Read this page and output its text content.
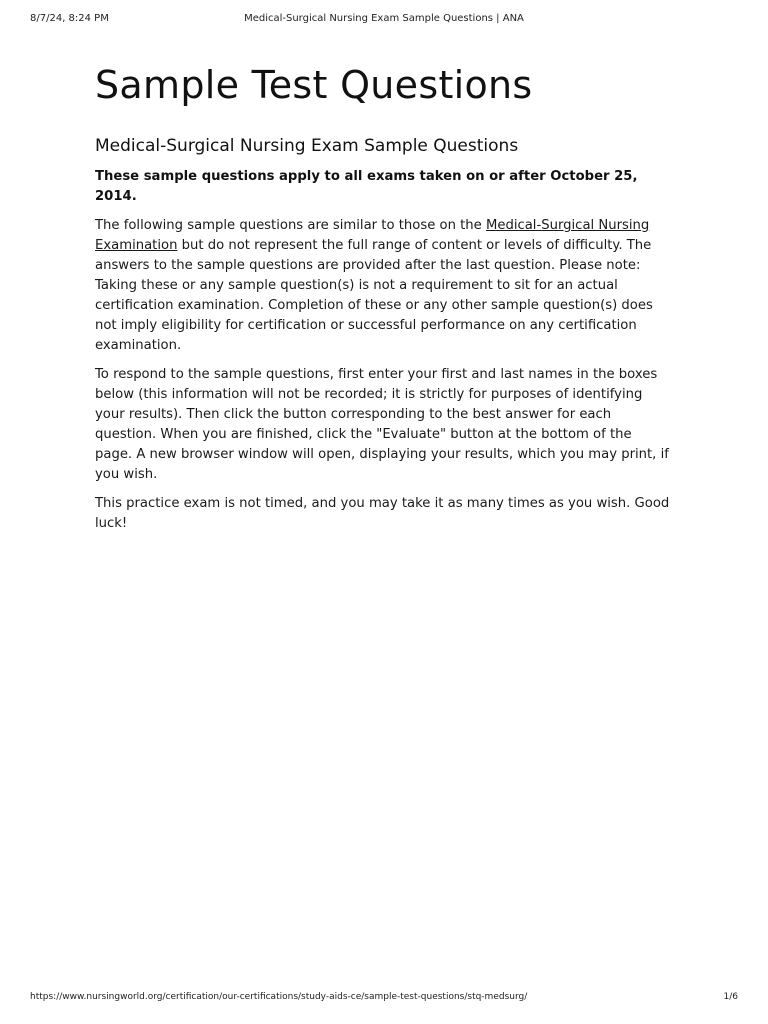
8/7/24, 8:24 PM	Medical-Surgical Nursing Exam Sample Questions | ANA
Sample Test Questions
Medical-Surgical Nursing Exam Sample Questions

These sample questions apply to all exams taken on or after October 25, 2014.

The following sample questions are similar to those on the Medical-Surgical Nursing Examination but do not represent the full range of content or levels of difficulty. The answers to the sample questions are provided after the last question. Please note: Taking these or any sample question(s) is not a requirement to sit for an actual certification examination. Completion of these or any other sample question(s) does not imply eligibility for certification or successful performance on any certification examination.

To respond to the sample questions, first enter your first and last names in the boxes below (this information will not be recorded; it is strictly for purposes of identifying your results). Then click the button corresponding to the best answer for each question. When you are finished, click the "Evaluate" button at the bottom of the page. A new browser window will open, displaying your results, which you may print, if you wish.

This practice exam is not timed, and you may take it as many times as you wish. Good luck!

https://www.nursingworld.org/certification/our-certifications/study-aids-ce/sample-test-questions/stq-medsurg/	1/6
